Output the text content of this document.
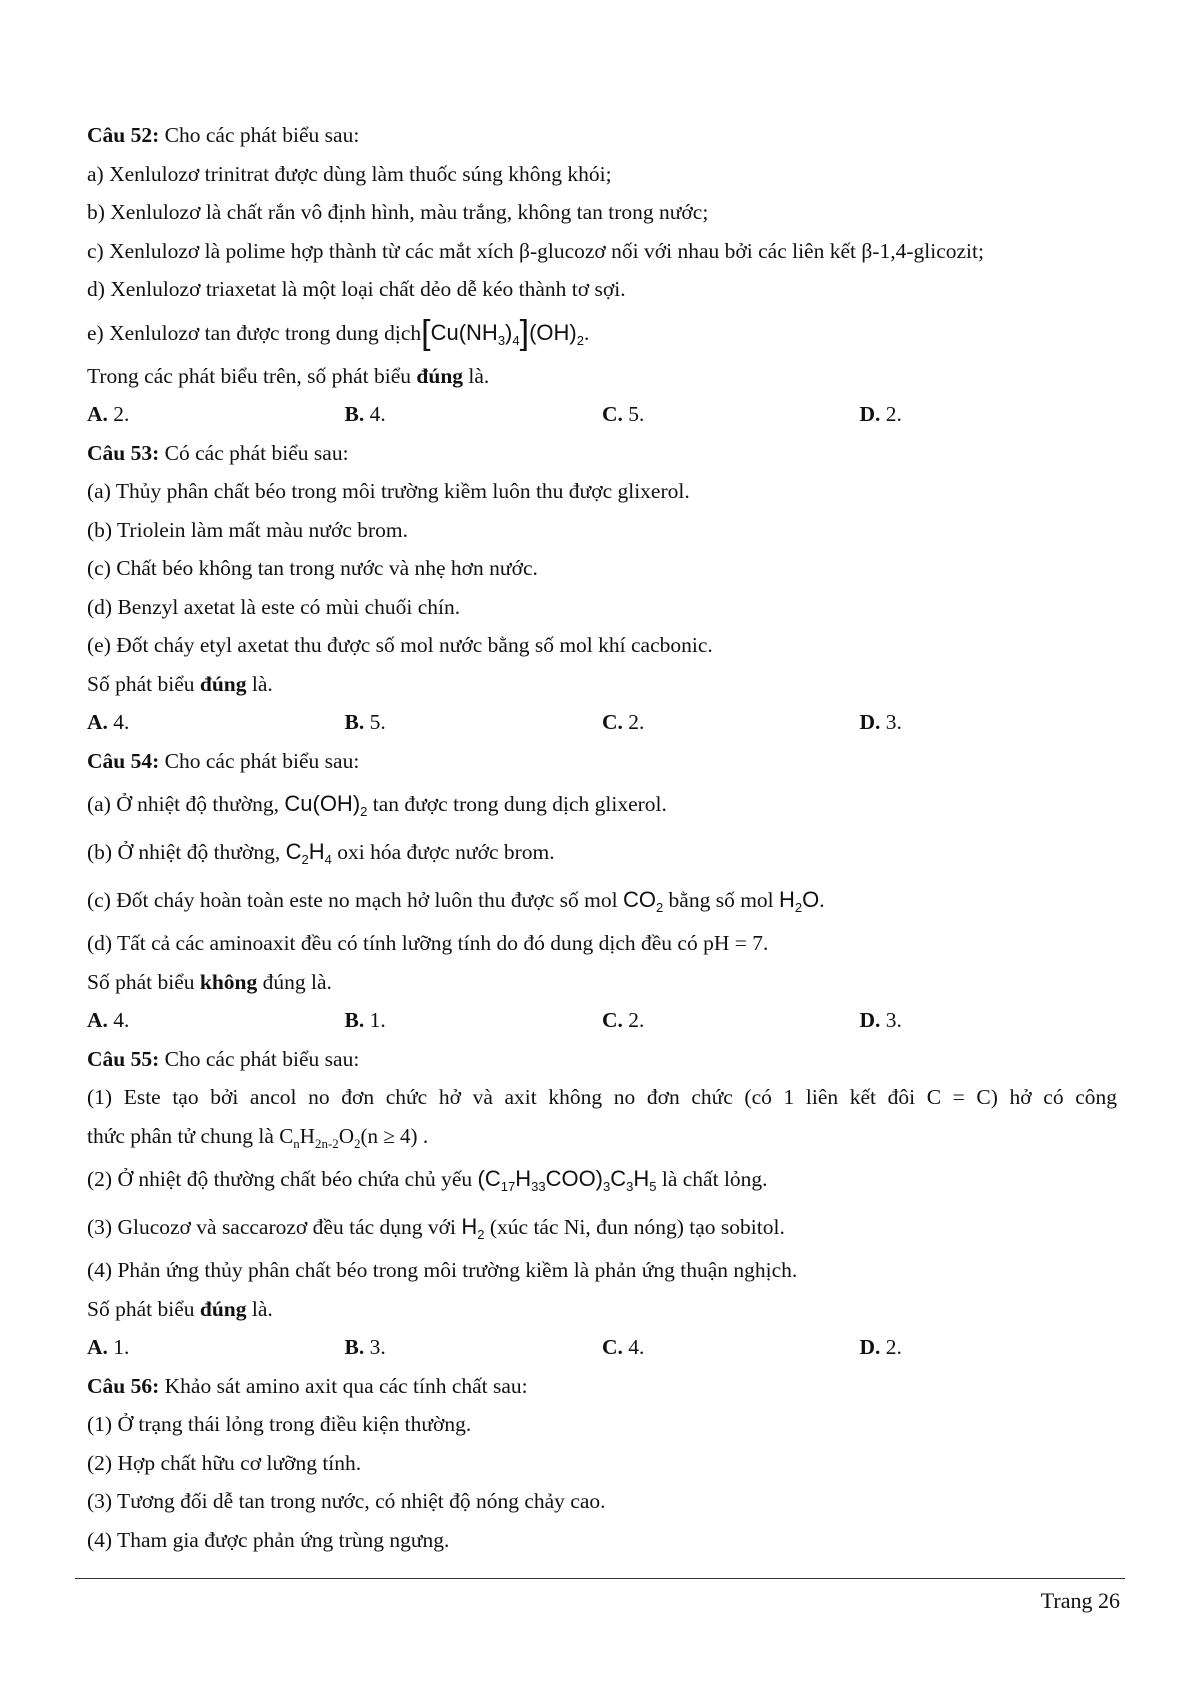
Câu 52: Cho các phát biểu sau:
a) Xenlulozơ trinitrat được dùng làm thuốc súng không khói;
b) Xenlulozơ là chất rắn vô định hình, màu trắng, không tan trong nước;
c) Xenlulozơ là polime hợp thành từ các mắt xích β-glucozơ nối với nhau bởi các liên kết β-1,4-glicozit;
d) Xenlulozơ triaxetat là một loại chất dẻo dễ kéo thành tơ sợi.
e) Xenlulozơ tan được trong dung $dịch[Cu(NH_3)_4](OH)_2$.
Trong các phát biểu trên, số phát biểu đúng là.
A. 2.	B. 4.	C. 5.	D. 2.
Câu 53: Có các phát biểu sau:
(a) Thủy phân chất béo trong môi trường kiềm luôn thu được glixerol.
(b) Triolein làm mất màu nước brom.
(c) Chất béo không tan trong nước và nhẹ hơn nước.
(d) Benzyl axetat là este có mùi chuối chín.
(e) Đốt cháy etyl axetat thu được số mol nước bằng số mol khí cacbonic.
Số phát biểu đúng là.
A. 4.	B. 5.	C. 2.	D. 3.
Câu 54: Cho các phát biểu sau:
(a) Ở nhiệt độ thường, $Cu(OH)_2$ tan được trong dung dịch glixerol.
(b) Ở nhiệt độ thường, $C_2H_4$ oxi hóa được nước brom.
(c) Đốt cháy hoàn toàn este no mạch hở luôn thu được số mol $CO_2$ bằng số mol $H_2O$.
(d) Tất cả các aminoaxit đều có tính lưỡng tính do đó dung dịch đều có pH = 7.
Số phát biểu không đúng là.
A. 4.	B. 1.	C. 2.	D. 3.
Câu 55: Cho các phát biểu sau:
(1) Este tạo bởi ancol no đơn chức hở và axit không no đơn chức (có 1 liên kết đôi C = C) hở có công
thức phân tử chung là $C_nH_{2n-2}O_2(n \ge 4)$ .
(2) Ở nhiệt độ thường chất béo chứa chủ yếu $(C_{17}H_{33}COO)_3C_3H_5$ là chất lỏng.
(3) Glucozơ và saccarozơ đều tác dụng với $H_2$ (xúc tác Ni, đun nóng) tạo sobitol.
(4) Phản ứng thủy phân chất béo trong môi trường kiềm là phản ứng thuận nghịch.
Số phát biểu đúng là.
A. 1.	B. 3.	C. 4.	D. 2.
Câu 56: Khảo sát amino axit qua các tính chất sau:
(1) Ở trạng thái lỏng trong điều kiện thường.
(2) Hợp chất hữu cơ lưỡng tính.
(3) Tương đối dễ tan trong nước, có nhiệt độ nóng chảy cao.
(4) Tham gia được phản ứng trùng ngưng.
Trang 26
